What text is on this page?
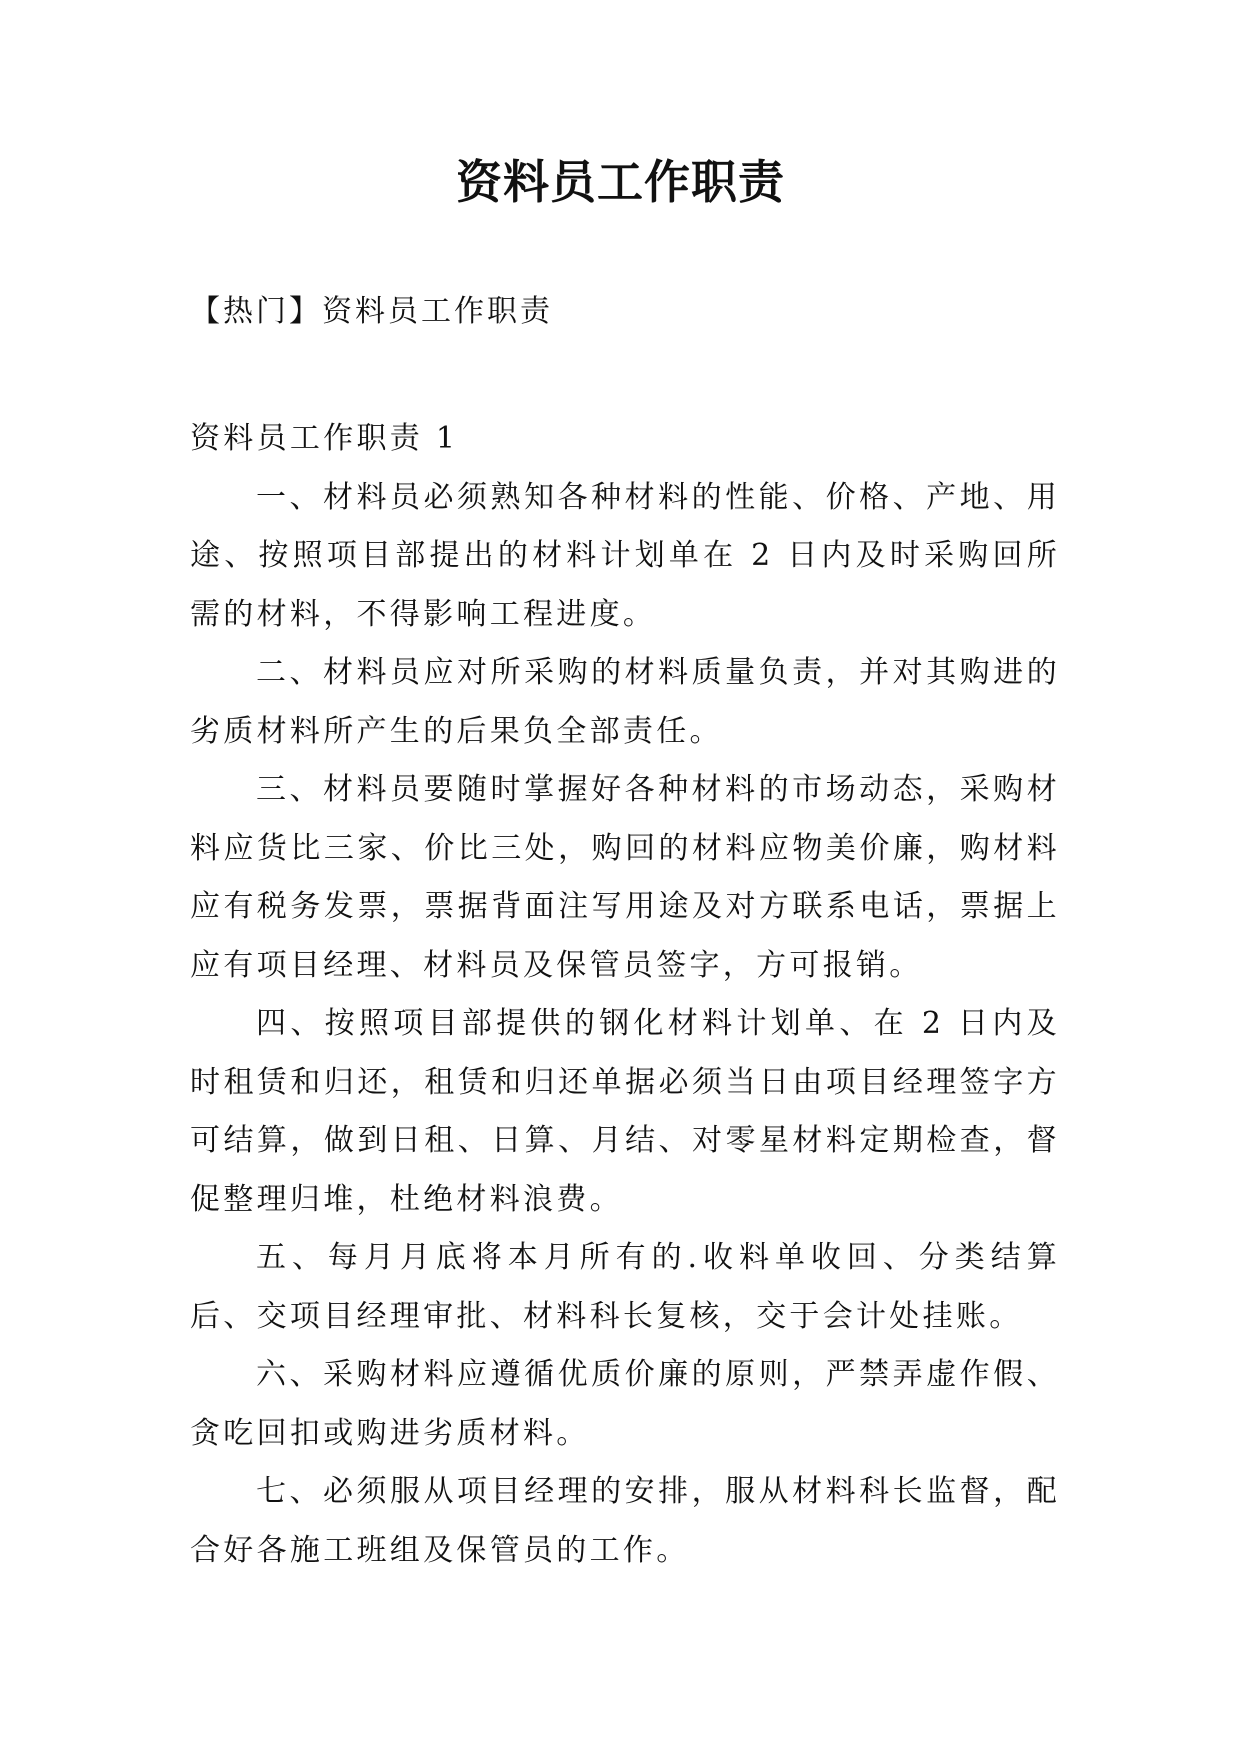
资料员工作职责
【热门】资料员工作职责

资料员工作职责 1

一、材料员必须熟知各种材料的性能、价格、产地、用途、按照项目部提出的材料计划单在 2 日内及时采购回所需的材料，不得影响工程进度。

二、材料员应对所采购的材料质量负责，并对其购进的劣质材料所产生的后果负全部责任。

三、材料员要随时掌握好各种材料的市场动态，采购材料应货比三家、价比三处，购回的材料应物美价廉，购材料应有税务发票，票据背面注写用途及对方联系电话，票据上应有项目经理、材料员及保管员签字，方可报销。

四、按照项目部提供的钢化材料计划单、在 2 日内及时租赁和归还，租赁和归还单据必须当日由项目经理签字方可结算，做到日租、日算、月结、对零星材料定期检查，督促整理归堆，杜绝材料浪费。

五、每月月底将本月所有的.收料单收回、分类结算后、交项目经理审批、材料科长复核，交于会计处挂账。

六、采购材料应遵循优质价廉的原则，严禁弄虚作假、贪吃回扣或购进劣质材料。

七、必须服从项目经理的安排，服从材料科长监督，配合好各施工班组及保管员的工作。
